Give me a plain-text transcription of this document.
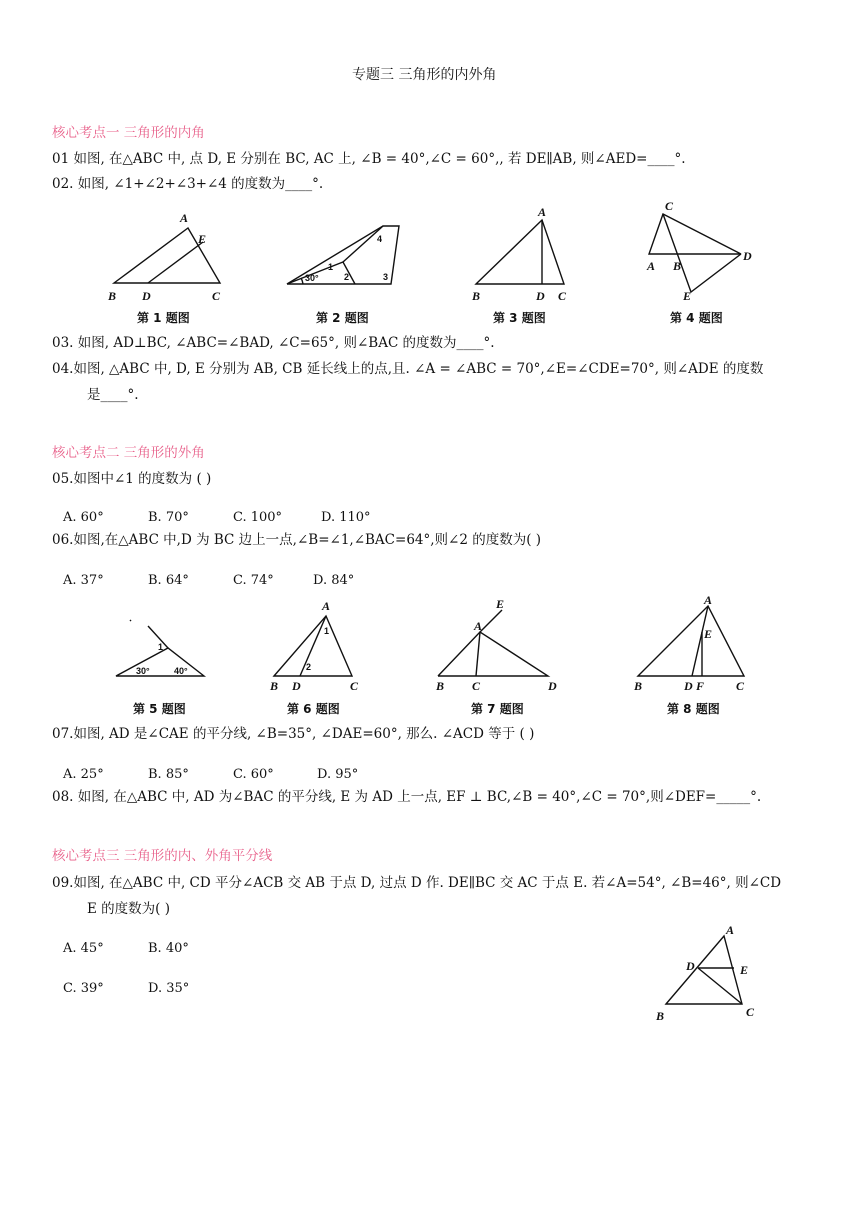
专题三 三角形的内外角
核心考点一 三角形的内角
01 如图, 在△ABC 中, 点 D, E 分别在 BC, AC 上, ∠B = 40°,∠C = 60°,, 若 DE∥AB, 则∠AED=____°.
02. 如图, ∠1+∠2+∠3+∠4 的度数为____°.
A
E
B D	C
第 1 题图
30°
1
2	3
4
第 2 题图
A
B	D C
第 3 题图
C
A B
D
E
第 4 题图
03. 如图, AD⊥BC, ∠ABC=∠BAD, ∠C=65°, 则∠BAC 的度数为____°.
04.如图, △ABC 中, D, E 分别为 AB, CB 延长线上的点,且. ∠A = ∠ABC = 70°,∠E=∠CDE=70°, 则∠ADE 的度数
是____°.
核心考点二 三角形的外角
05.如图中∠1 的度数为 ( )
A. 60°	B. 70°	C. 100°	D. 110°
06.如图,在△ABC 中,D 为 BC 边上一点,∠B=∠1,∠BAC=64°,则∠2 的度数为( )
A. 37°	B. 64°	C. 74°	D. 84°
1
30°	40°
第 5 题图
A
1
2
B D	C
第 6 题图
E
A
B C	D
第 7 题图
A
E
B	D F	C
第 8 题图
07.如图, AD 是∠CAE 的平分线, ∠B=35°, ∠DAE=60°, 那么. ∠ACD 等于 ( )
A. 25°	B. 85°	C. 60°	D. 95°
08. 如图, 在△ABC 中, AD 为∠BAC 的平分线, E 为 AD 上一点, EF ⊥ BC,∠B = 40°,∠C = 70°,则∠DEF=_____°.
核心考点三 三角形的内、外角平分线
09.如图, 在△ABC 中, CD 平分∠ACB 交 AB 于点 D, 过点 D 作. DE∥BC 交 AC 于点 E. 若∠A=54°, ∠B=46°, 则∠CD
E 的度数为( )
A. 45°	B. 40°
C. 39°	D. 35°
A
D	E
B	C
